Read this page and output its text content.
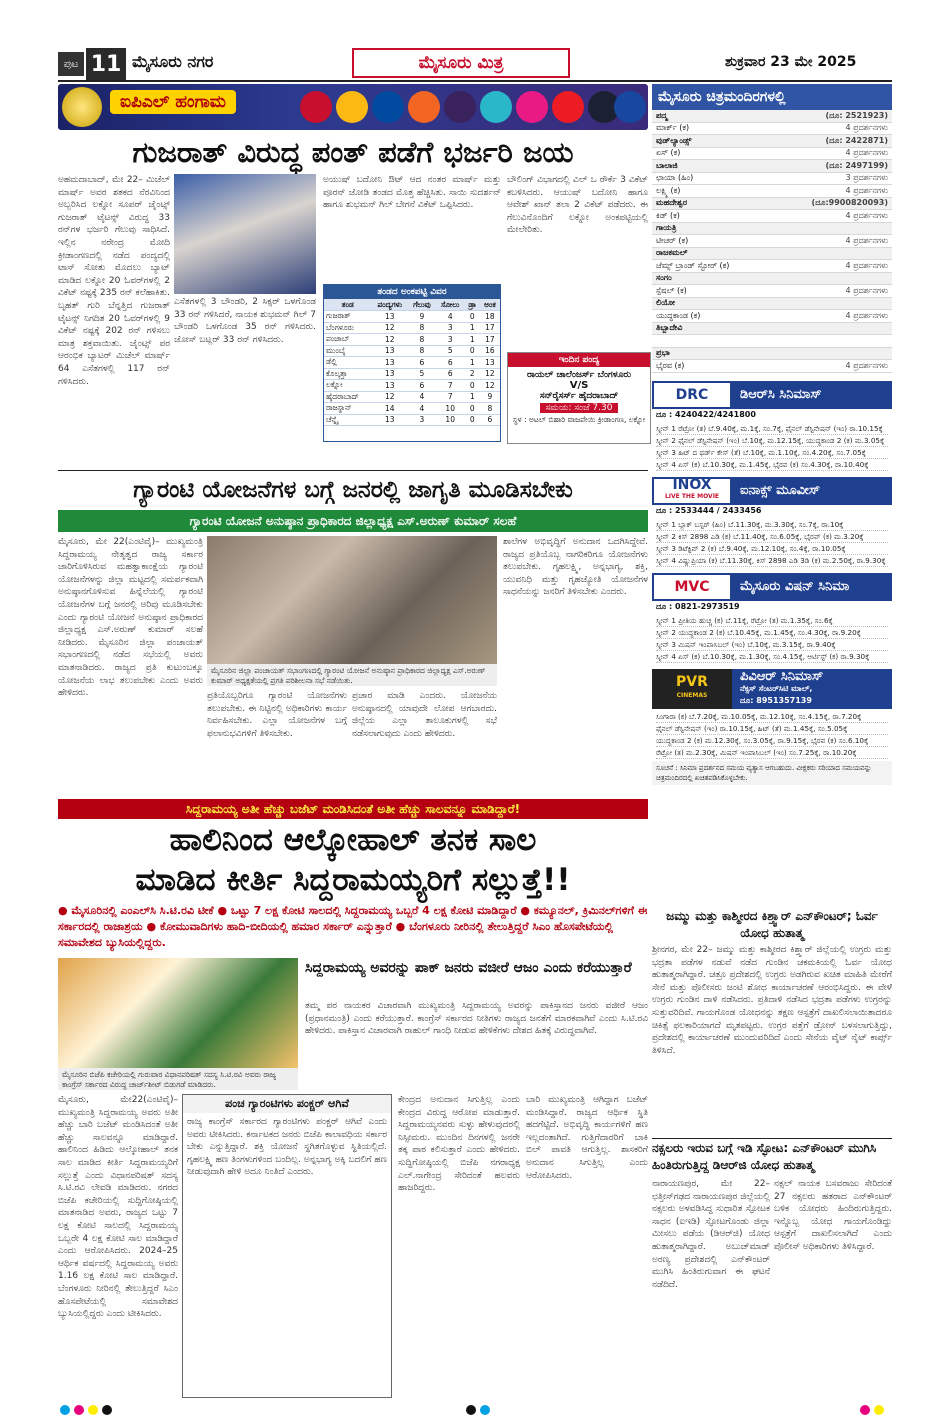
ಪುಟ 11 ಮೈಸೂರು ನಗರ	ಮೈಸೂರು ಮಿತ್ರ	ಶುಕ್ರವಾರ 23 ಮೇ 2025
ಐಪಿಎಲ್ ಹಂಗಾಮ
ಗುಜರಾತ್ ವಿರುದ್ಧ ಪಂತ್ ಪಡೆಗೆ ಭರ್ಜರಿ ಜಯ
ಅಹಮದಾಬಾದ್, ಮೇ 22– ಮಿಚೆಲ್ ಮಾರ್ಷ್ ಅವರ ಶತಕದ ನೆರವಿನಿಂದ ಅಬ್ಬರಿಸಿದ ಲಕ್ನೋ ಸೂಪರ್ ಜೈಂಟ್ಸ್ ಗುಜರಾತ್ ಟೈಟನ್ಸ್ ವಿರುದ್ಧ 33 ರನ್‌ಗಳ ಭರ್ಜರಿ ಗೆಲುವು ಸಾಧಿಸಿದೆ. ಇಲ್ಲಿನ ನರೇಂದ್ರ ಮೋದಿ ಕ್ರೀಡಾಂಗಣದಲ್ಲಿ ನಡೆದ ಪಂದ್ಯದಲ್ಲಿ ಟಾಸ್ ಸೋತು ಮೊದಲು ಬ್ಯಾಟ್ ಮಾಡಿದ ಲಕ್ನೋ 20 ಓವರ್‌ಗಳಲ್ಲಿ 2 ವಿಕೆಟ್ ನಷ್ಟಕ್ಕೆ 235 ರನ್ ಕಲೆಹಾಕಿತು. ಬೃಹತ್ ಗುರಿ ಬೆನ್ನತ್ತಿದ ಗುಜರಾತ್ ಟೈಟನ್ಸ್ ನಿಗದಿತ 20 ಓವರ್‌ಗಳಲ್ಲಿ 9 ವಿಕೆಟ್ ನಷ್ಟಕ್ಕೆ 202 ರನ್ ಗಳಿಸಲು ಮಾತ್ರ ಶಕ್ತವಾಯಿತು. ಜೈಂಟ್ಸ್ ಪರ ಆರಂಭಿಕ ಬ್ಯಾಟರ್ ಮಿಚೆಲ್ ಮಾರ್ಷ್ 64 ಎಸೆತಗಳಲ್ಲಿ 117 ರನ್ ಗಳಿಸಿದರು.
ಎಸೆತಗಳಲ್ಲಿ 3 ಬೌಂಡರಿ, 2 ಸಿಕ್ಸರ್ ಒಳಗೊಂಡ 33 ರನ್ ಗಳಿಸಿದರೆ, ನಾಯಕ ಶುಭಮನ್ ಗಿಲ್ 7 ಬೌಂಡರಿ ಒಳಗೊಂಡ 35 ರನ್ ಗಳಿಸಿದರು. ಜೋಸ್ ಬಟ್ಲರ್ 33 ರನ್ ಗಳಿಸಿದರು.
ಅಯುಷ್ ಬದೋನಿ ಔಟ್ ಆದ ನಂತರ ಮಾರ್ಷ್ ಮತ್ತು ಪೂರನ್ ಜೋಡಿ ತಂಡದ ಮೊತ್ತ ಹೆಚ್ಚಿಸಿತು. ಸಾಯಿ ಸುದರ್ಶನ್ ಹಾಗೂ ಶುಭಮನ್ ಗಿಲ್ ಬೇಗನೆ ವಿಕೆಟ್ ಒಪ್ಪಿಸಿದರು.
ಬೌಲಿಂಗ್ ವಿಭಾಗದಲ್ಲಿ ವಿಲ್ ಒ ರೌರ್ಕೆ 3 ವಿಕೆಟ್ ಕಬಳಿಸಿದರು. ಆಯುಷ್ ಬದೋನಿ ಹಾಗೂ ಆವೇಶ್ ಖಾನ್ ತಲಾ 2 ವಿಕೆಟ್ ಪಡೆದರು. ಈ ಗೆಲುವಿನೊಂದಿಗೆ ಲಕ್ನೋ ಅಂಕಪಟ್ಟಿಯಲ್ಲಿ ಮೇಲೇರಿತು.
ತಂಡದ ಅಂಕಪಟ್ಟಿ ವಿವರ
ತಂಡ	ಪಂದ್ಯಗಳು	ಗೆಲುವು	ಸೋಲು	ಡ್ರಾ	ಅಂಕ
ಗುಜರಾತ್	13	9	4	0	18
ಬೆಂಗಳೂರು	12	8	3	1	17
ಪಂಜಾಬ್	12	8	3	1	17
ಮುಂಬೈ	13	8	5	0	16
ಡೆಲ್ಲಿ	13	6	6	1	13
ಕೊಲ್ಕತ್ತಾ	13	5	6	2	12
ಲಕ್ನೋ	13	6	7	0	12
ಹೈದರಾಬಾದ್	12	4	7	1	9
ರಾಜಸ್ಥಾನ್	14	4	10	0	8
ಚೆನ್ನೈ	13	3	10	0	6
ಇಂದಿನ ಪಂದ್ಯ
ರಾಯಲ್ ಚಾಲೆಂಜರ್ಸ್ ಬೆಂಗಳೂರು
V/S
ಸನ್‌ರೈಸರ್ಸ್ ಹೈದರಾಬಾದ್
ಸಮಯ: ಸಂಜೆ 7.30
ಸ್ಥಳ : ಅಟಲ್ ಬಿಹಾರಿ ವಾಜಪೇಯಿ ಕ್ರೀಡಾಂಗಣ, ಲಕ್ನೋ
ಗ್ಯಾರಂಟಿ ಯೋಜನೆಗಳ ಬಗ್ಗೆ ಜನರಲ್ಲಿ ಜಾಗೃತಿ ಮೂಡಿಸಬೇಕು
ಗ್ಯಾರಂಟಿ ಯೋಜನೆ ಅನುಷ್ಠಾನ ಪ್ರಾಧಿಕಾರದ ಜಿಲ್ಲಾಧ್ಯಕ್ಷ ಎಸ್.ಅರುಣ್ ಕುಮಾರ್ ಸಲಹೆ
ಮೈಸೂರು, ಮೇ 22(ಎಂಟಿವೈ)– ಮುಖ್ಯಮಂತ್ರಿ ಸಿದ್ದರಾಮಯ್ಯ ನೇತೃತ್ವದ ರಾಜ್ಯ ಸರ್ಕಾರ ಜಾರಿಗೊಳಿಸಿರುವ ಮಹತ್ವಾಕಾಂಕ್ಷೆಯ ಗ್ಯಾರಂಟಿ ಯೋಜನೆಗಳನ್ನು ಜಿಲ್ಲಾ ಮಟ್ಟದಲ್ಲಿ ಸಮರ್ಪಕವಾಗಿ ಅನುಷ್ಠಾನಗೊಳಿಸುವ ಹಿನ್ನೆಲೆಯಲ್ಲಿ ಗ್ಯಾರಂಟಿ ಯೋಜನೆಗಳ ಬಗ್ಗೆ ಜನರಲ್ಲಿ ಅರಿವು ಮೂಡಿಸಬೇಕು ಎಂದು ಗ್ಯಾರಂಟಿ ಯೋಜನೆ ಅನುಷ್ಠಾನ ಪ್ರಾಧಿಕಾರದ ಜಿಲ್ಲಾಧ್ಯಕ್ಷ ಎಸ್.ಅರುಣ್ ಕುಮಾರ್ ಸಲಹೆ ನೀಡಿದರು. ಮೈಸೂರಿನ ಜಿಲ್ಲಾ ಪಂಚಾಯತ್ ಸಭಾಂಗಣದಲ್ಲಿ ನಡೆದ ಸಭೆಯಲ್ಲಿ ಅವರು ಮಾತನಾಡಿದರು. ರಾಜ್ಯದ ಪ್ರತಿ ಕುಟುಂಬಕ್ಕೂ ಯೋಜನೆಯ ಲಾಭ ತಲುಪಬೇಕು ಎಂದು ಅವರು ಹೇಳಿದರು.
ಮೈಸೂರಿನ ಜಿಲ್ಲಾ ಪಂಚಾಯತ್ ಸಭಾಂಗಣದಲ್ಲಿ ಗ್ಯಾರಂಟಿ ಯೋಜನೆ ಅನುಷ್ಠಾನ ಪ್ರಾಧಿಕಾರದ ಜಿಲ್ಲಾಧ್ಯಕ್ಷ ಎಸ್.ಅರುಣ್ ಕುಮಾರ್ ಅಧ್ಯಕ್ಷತೆಯಲ್ಲಿ ಪ್ರಗತಿ ಪರಿಶೀಲನಾ ಸಭೆ ನಡೆಯಿತು.
ಶಾಲೆಗಳ ಅಭಿವೃದ್ಧಿಗೆ ಅನುದಾನ ಒದಗಿಸಿದ್ದೇವೆ. ರಾಜ್ಯದ ಪ್ರತಿಯೊಬ್ಬ ನಾಗರಿಕರಿಗೂ ಯೋಜನೆಗಳು ತಲುಪಬೇಕು. ಗೃಹಲಕ್ಷ್ಮಿ, ಅನ್ನಭಾಗ್ಯ, ಶಕ್ತಿ, ಯುವನಿಧಿ ಮತ್ತು ಗೃಹಜ್ಯೋತಿ ಯೋಜನೆಗಳ ಸಾಧನೆಯನ್ನು ಜನರಿಗೆ ತಿಳಿಸಬೇಕು ಎಂದರು.
ಪ್ರತಿಯೊಬ್ಬರಿಗೂ ಗ್ಯಾರಂಟಿ ಯೋಜನೆಗಳು ತಲುಪಬೇಕು. ಈ ನಿಟ್ಟಿನಲ್ಲಿ ಅಧಿಕಾರಿಗಳು ಕಾರ್ಯ ನಿರ್ವಹಿಸಬೇಕು. ಎಲ್ಲಾ ಯೋಜನೆಗಳ ಬಗ್ಗೆ ಫಲಾನುಭವಿಗಳಿಗೆ ತಿಳಿಸಬೇಕು.
ಪ್ರಚಾರ ಮಾಡಿ ಎಂದರು. ಯೋಜನೆಯ ಅನುಷ್ಠಾನದಲ್ಲಿ ಯಾವುದೇ ಲೋಪ ಆಗಬಾರದು. ಜಿಲ್ಲೆಯ ಎಲ್ಲಾ ತಾಲೂಕುಗಳಲ್ಲಿ ಸಭೆ ನಡೆಸಲಾಗುವುದು ಎಂದು ಹೇಳಿದರು.
ಸಿದ್ದರಾಮಯ್ಯ ಅತೀ ಹೆಚ್ಚು ಬಜೆಟ್ ಮಂಡಿಸಿದಂತೆ ಅತೀ ಹೆಚ್ಚು ಸಾಲವನ್ನೂ ಮಾಡಿದ್ದಾರೆ!
ಹಾಲಿನಿಂದ ಆಲ್ಕೋಹಾಲ್ ತನಕ ಸಾಲ
ಮಾಡಿದ ಕೀರ್ತಿ ಸಿದ್ದರಾಮಯ್ಯರಿಗೆ ಸಲ್ಲುತ್ತೆ!!
● ಮೈಸೂರಿನಲ್ಲಿ ಎಂಎಲ್‌ಸಿ ಸಿ.ಟಿ.ರವಿ ಟೀಕೆ ● ಒಟ್ಟು 7 ಲಕ್ಷ ಕೋಟಿ ಸಾಲದಲ್ಲಿ ಸಿದ್ದರಾಮಯ್ಯ ಒಬ್ಬರೆ 4 ಲಕ್ಷ ಕೋಟಿ ಮಾಡಿದ್ದಾರೆ ● ಕಮ್ಯೂನಲ್, ಕ್ರಿಮಿನಲ್‌ಗಳಿಗೆ ಈ ಸರ್ಕಾರದಲ್ಲಿ ರಾಜಾಶ್ರಯ ● ಕೋಮುವಾದಿಗಳು ಹಾದಿ-ಬೀದಿಯಲ್ಲಿ ಹಮಾರ ಸರ್ಕಾರ್ ಎನ್ನುತ್ತಾರೆ ● ಬೆಂಗಳೂರು ನೀರಿನಲ್ಲಿ ತೇಲುತ್ತಿದ್ದರೆ ಸಿಎಂ ಹೊಸಪೇಟೆಯಲ್ಲಿ ಸಮಾವೇಶದ ಬ್ಯುಸಿಯಲ್ಲಿದ್ದರು.
ಮೈಸೂರಿನ ಬಿಜೆಪಿ ಕಚೇರಿಯಲ್ಲಿ ಗುರುವಾರ ವಿಧಾನಪರಿಷತ್ ಸದಸ್ಯ ಸಿ.ಟಿ.ರವಿ ಅವರು ರಾಜ್ಯ ಕಾಂಗ್ರೆಸ್ ಸರ್ಕಾರದ ವಿರುದ್ಧ ಚಾರ್ಜ್‌ಶೀಟ್ ಬಿಡುಗಡೆ ಮಾಡಿದರು.
ಸಿದ್ದರಾಮಯ್ಯ ಅವರನ್ನು ಪಾಕ್ ಜನರು ವಜೀರೆ ಆಜಂ ಎಂದು ಕರೆಯುತ್ತಾರೆ
ತಮ್ಮ ಪರ ನಾಯಕರ ವಿಚಾರವಾಗಿ ಮುಖ್ಯಮಂತ್ರಿ ಸಿದ್ದರಾಮಯ್ಯ ಅವರನ್ನು ಪಾಕಿಸ್ತಾನದ ಜನರು ವಜೀರೆ ಆಜಂ (ಪ್ರಧಾನಮಂತ್ರಿ) ಎಂದು ಕರೆಯುತ್ತಾರೆ. ಕಾಂಗ್ರೆಸ್ ಸರ್ಕಾರದ ನೀತಿಗಳು ರಾಜ್ಯದ ಜನತೆಗೆ ಮಾರಕವಾಗಿವೆ ಎಂದು ಸಿ.ಟಿ.ರವಿ ಹೇಳಿದರು. ಪಾಕಿಸ್ತಾನ ವಿಚಾರವಾಗಿ ರಾಹುಲ್ ಗಾಂಧಿ ನೀಡುವ ಹೇಳಿಕೆಗಳು ದೇಶದ ಹಿತಕ್ಕೆ ವಿರುದ್ಧವಾಗಿವೆ.
ಮೈಸೂರು, ಮೇ22(ಎಂಟಿವೈ)– ಮುಖ್ಯಮಂತ್ರಿ ಸಿದ್ದರಾಮಯ್ಯ ಅವರು ಅತೀ ಹೆಚ್ಚು ಬಾರಿ ಬಜೆಟ್ ಮಂಡಿಸಿದಂತೆ ಅತೀ ಹೆಚ್ಚು ಸಾಲವನ್ನೂ ಮಾಡಿದ್ದಾರೆ. ಹಾಲಿನಿಂದ ಹಿಡಿದು ಆಲ್ಕೋಹಾಲ್ ತನಕ ಸಾಲ ಮಾಡಿದ ಕೀರ್ತಿ ಸಿದ್ದರಾಮಯ್ಯರಿಗೆ ಸಲ್ಲುತ್ತೆ ಎಂದು ವಿಧಾನಪರಿಷತ್ ಸದಸ್ಯ ಸಿ.ಟಿ.ರವಿ ಲೇವಡಿ ಮಾಡಿದರು. ನಗರದ ಬಿಜೆಪಿ ಕಚೇರಿಯಲ್ಲಿ ಸುದ್ದಿಗೋಷ್ಠಿಯಲ್ಲಿ ಮಾತನಾಡಿದ ಅವರು, ರಾಜ್ಯದ ಒಟ್ಟು 7 ಲಕ್ಷ ಕೋಟಿ ಸಾಲದಲ್ಲಿ ಸಿದ್ದರಾಮಯ್ಯ ಒಬ್ಬರೇ 4 ಲಕ್ಷ ಕೋಟಿ ಸಾಲ ಮಾಡಿದ್ದಾರೆ ಎಂದು ಆರೋಪಿಸಿದರು. 2024–25 ಆರ್ಥಿಕ ವರ್ಷದಲ್ಲಿ ಸಿದ್ದರಾಮಯ್ಯ ಅವರು 1.16 ಲಕ್ಷ ಕೋಟಿ ಸಾಲ ಮಾಡಿದ್ದಾರೆ. ಬೆಂಗಳೂರು ನೀರಿನಲ್ಲಿ ತೇಲುತ್ತಿದ್ದರೆ ಸಿಎಂ ಹೊಸಪೇಟೆಯಲ್ಲಿ ಸಮಾವೇಶದ ಬ್ಯುಸಿಯಲ್ಲಿದ್ದರು ಎಂದು ಟೀಕಿಸಿದರು.
ಪಂಚ ಗ್ಯಾರಂಟಿಗಳು ಪಂಕ್ಚರ್ ಆಗಿವೆ
ರಾಜ್ಯ ಕಾಂಗ್ರೆಸ್ ಸರ್ಕಾರದ ಗ್ಯಾರಂಟಿಗಳು ಪಂಕ್ಚರ್ ಆಗಿವೆ ಎಂದು ಅವರು ಟೀಕಿಸಿದರು. ಕರ್ನಾಟಕದ ಜನರು ಬಿಜೆಪಿ ಕಾಲಾವಧಿಯ ಸರ್ಕಾರ ಬೇಕು ಎನ್ನುತ್ತಿದ್ದಾರೆ. ಶಕ್ತಿ ಯೋಜನೆ ಸ್ಥಗಿತಗೊಳ್ಳುವ ಸ್ಥಿತಿಯಲ್ಲಿದೆ. ಗೃಹಲಕ್ಷ್ಮಿ ಹಣ ತಿಂಗಳುಗಳಿಂದ ಬಂದಿಲ್ಲ. ಅನ್ನಭಾಗ್ಯ ಅಕ್ಕಿ ಬದಲಿಗೆ ಹಣ ನೀಡುವುದಾಗಿ ಹೇಳಿ ಅದೂ ನಿಂತಿದೆ ಎಂದರು.
ಕೇಂದ್ರದ ಅನುದಾನ ಸಿಗುತ್ತಿಲ್ಲ ಎಂದು ಕೇಂದ್ರದ ವಿರುದ್ಧ ಆರೋಪ ಮಾಡುತ್ತಾರೆ. ಸಿದ್ದರಾಮಯ್ಯನವರು ಸುಳ್ಳು ಹೇಳುವುದರಲ್ಲಿ ನಿಸ್ಸೀಮರು. ಮುಂದಿನ ದಿನಗಳಲ್ಲಿ ಜನರೇ ತಕ್ಕ ಪಾಠ ಕಲಿಸುತ್ತಾರೆ ಎಂದು ಹೇಳಿದರು. ಸುದ್ದಿಗೋಷ್ಠಿಯಲ್ಲಿ ಬಿಜೆಪಿ ನಗರಾಧ್ಯಕ್ಷ ಎಲ್.ನಾಗೇಂದ್ರ ಸೇರಿದಂತೆ ಹಲವರು ಹಾಜರಿದ್ದರು.
ಬಾರಿ ಮುಖ್ಯಮಂತ್ರಿ ಆಗಿದ್ದಾಗ ಬಜೆಟ್ ಮಂಡಿಸಿದ್ದಾರೆ. ರಾಜ್ಯದ ಆರ್ಥಿಕ ಸ್ಥಿತಿ ಹದಗೆಟ್ಟಿದೆ. ಅಭಿವೃದ್ಧಿ ಕಾರ್ಯಗಳಿಗೆ ಹಣ ಇಲ್ಲದಂತಾಗಿದೆ. ಗುತ್ತಿಗೆದಾರರಿಗೆ ಬಾಕಿ ಬಿಲ್ ಪಾವತಿ ಆಗುತ್ತಿಲ್ಲ. ಶಾಸಕರಿಗೆ ಅನುದಾನ ಸಿಗುತ್ತಿಲ್ಲ ಎಂದು ಆರೋಪಿಸಿದರು.
ಮೈಸೂರು ಚಿತ್ರಮಂದಿರಗಳಲ್ಲಿ
ಪದ್ಮ	(ದೂ: 2521923)
ಮಾರ್ಕ್ (ಕ)	4 ಪ್ರದರ್ಶನಗಳು
ವುಡ್‌ಲ್ಯಾಂಡ್ಸ್	(ದೂ: 2422871)
ಏಸ್ (ಕ)	4 ಪ್ರದರ್ಶನಗಳು
ಬಾಲಾಜಿ	(ದೂ: 2497199)
ಛಾಯಾ (ಹಿಂ)	3 ಪ್ರದರ್ಶನಗಳು
ಲಕ್ಷ್ಮಿ (ಕ)	4 ಪ್ರದರ್ಶನಗಳು
ಮಹದೇಶ್ವರ	(ದೂ:9900820093)
ಕಿಡ್ (ಕ)	4 ಪ್ರದರ್ಶನಗಳು
ಗಾಯತ್ರಿ
ಟೀಚರ್ (ಕ)	4 ಪ್ರದರ್ಶನಗಳು
ರಾಜಕಮಲ್
ಜೆಮ್ಸ್ ಬ್ರಾಂಡ್ ಸ್ಟೋರ್ (ಕ)	4 ಪ್ರದರ್ಶನಗಳು
ಸಂಗಂ
ಸ್ಪೆಷಲ್ (ಕ)	4 ಪ್ರದರ್ಶನಗಳು
ಲಿಯೋ
ಯುದ್ಧಕಾಂಡ (ಕ)	4 ಪ್ರದರ್ಶನಗಳು
ತಿಬ್ಬಾದೇವಿ
ಪ್ರಭಾ
ಭೈರವ (ಕ)	4 ಪ್ರದರ್ಶನಗಳು
DRC	ಡಿಆರ್‌ಸಿ ಸಿನಿಮಾಸ್
ದೂ : 4240422/4241800
ಸ್ಕ್ರೀನ್ 1 ರೆಟ್ರೋ (ತ) ಬೆ.9.40ಕ್ಕೆ, ಮ.1ಕ್ಕೆ, ಸಂ.7ಕ್ಕೆ, ಫೈನಲ್ ಡೆಸ್ಟಿನೇಷನ್ (ಇಂ) ರಾ.10.15ಕ್ಕೆ
ಸ್ಕ್ರೀನ್ 2 ಫೈನಲ್ ಡೆಸ್ಟಿನೇಷನ್ (ಇಂ) ಬೆ.10ಕ್ಕೆ, ಮ.12.15ಕ್ಕೆ, ಯುದ್ಧಕಾಂಡ 2 (ಕ) ಮ.3.05ಕ್ಕೆ
ಸ್ಕ್ರೀನ್ 3 ಹಿಟ್ ದ ಥರ್ಡ್ ಕೇಸ್ (ತೆ) ಬೆ.10ಕ್ಕೆ, ಮ.1.10ಕ್ಕೆ, ಸಂ.4.20ಕ್ಕೆ, ಸಂ.7.05ಕ್ಕೆ
ಸ್ಕ್ರೀನ್ 4 ಏಸ್ (ಕ) ಬೆ.10.30ಕ್ಕೆ, ಮ.1.45ಕ್ಕೆ, ಭೈರವ (ಕ) ಸಂ.4.30ಕ್ಕೆ, ರಾ.10.40ಕ್ಕೆ
INOX
LIVE THE MOVIE	ಐನಾಕ್ಸ್ ಮೂವೀಸ್
ದೂ : 2533444 / 2433456
ಸ್ಕ್ರೀನ್ 1 ಬ್ಲಾಕ್ ಬಸ್ಟರ್ (ಹಿಂ) ಬೆ.11.30ಕ್ಕೆ, ಮ.3.30ಕ್ಕೆ, ಸಂ.7ಕ್ಕೆ, ರಾ.10ಕ್ಕೆ
ಸ್ಕ್ರೀನ್ 2 ಕಿಸ್ 2898 ಎಡಿ (ಕ) ಬೆ.11.40ಕ್ಕೆ, ಸಂ.6.05ಕ್ಕೆ, ಭೈರವ್ (ಕ) ಮ.3.20ಕ್ಕೆ
ಸ್ಕ್ರೀನ್ 3 ಡಿಟೆಕ್ಟಿವ್ 2 (ಕ) ಬೆ.9.40ಕ್ಕೆ, ಮ.12.10ಕ್ಕೆ, ಸಂ.4ಕ್ಕೆ, ರಾ.10.05ಕ್ಕೆ
ಸ್ಕ್ರೀನ್ 4 ವಿಷ್ಣುಪ್ರಿಯಾ (ಕ) ಬೆ.11.30ಕ್ಕೆ, ಕಿಸ್ 2898 ಎಡಿ 3ಡಿ (ಕ) ಮ.2.50ಕ್ಕೆ, ರಾ.9.30ಕ್ಕೆ
MVC	ಮೈಸೂರು ವಿಷನ್ ಸಿನಿಮಾ
ದೂ : 0821-2973519
ಸ್ಕ್ರೀನ್ 1 ಪ್ರೀತಿಯ ಹುಚ್ಚ (ಕ) ಬೆ.11ಕ್ಕೆ, ರೆಟ್ರೋ (ತ) ಮ.1.35ಕ್ಕೆ, ಸಂ.6ಕ್ಕೆ
ಸ್ಕ್ರೀನ್ 2 ಯುದ್ಧಕಾಂಡ 2 (ಕ) ಬೆ.10.45ಕ್ಕೆ, ಮ.1.45ಕ್ಕೆ, ಸಂ.4.30ಕ್ಕೆ, ರಾ.9.20ಕ್ಕೆ
ಸ್ಕ್ರೀನ್ 3 ಮಿಷನ್ ಇಂಪಾಸಿಬಲ್ (ಇಂ) ಬೆ.10ಕ್ಕೆ, ಮ.3.15ಕ್ಕೆ, ರಾ.9.40ಕ್ಕೆ
ಸ್ಕ್ರೀನ್ 4 ಏಸ್ (ಕ) ಬೆ.10.30ಕ್ಕೆ, ಮ.1.30ಕ್ಕೆ, ಸಂ.4.15ಕ್ಕೆ, ಆರ್ಟಿಸ್ಟ್ (ಕ) ರಾ.9.30ಕ್ಕೆ
PVR
CINEMAS
ಪಿವಿಆರ್ ಸಿನಿಮಾಸ್
ನೆಕ್ಸಸ್ ಸೆಂಟರ್‌ಸಿಟಿ ಮಾಲ್,
ದೂ: 8951357139
ಸಿಂಗಾರಾ (ಕ) ಬೆ.7.20ಕ್ಕೆ, ಮ.10.05ಕ್ಕೆ, ಮ.12.10ಕ್ಕೆ, ಸಂ.4.15ಕ್ಕೆ, ರಾ.7.20ಕ್ಕೆ
ಫೈನಲ್ ಡೆಸ್ಟಿನೇಷನ್ (ಇಂ) ರಾ.10.15ಕ್ಕೆ, ಹಿಟ್ (ತೆ) ಮ.1.45ಕ್ಕೆ, ಸಂ.5.05ಕ್ಕೆ
ಯುದ್ಧಕಾಂಡ 2 (ಕ) ಮ.12.30ಕ್ಕೆ, ಸಂ.3.05ಕ್ಕೆ, ರಾ.9.15ಕ್ಕೆ, ಭೈರವ (ಕ) ಸಂ.6.10ಕ್ಕೆ
ರೆಟ್ರೋ (ತ) ಮ.2.30ಕ್ಕೆ, ಮಿಷನ್ ಇಂಪಾಸಿಬಲ್ (ಇಂ) ಸಂ.7.25ಕ್ಕೆ, ರಾ.10.20ಕ್ಕೆ
ಸೂಚನೆ : ಸಿನಿಮಾ ಪ್ರದರ್ಶನದ ಸಮಯ ವ್ಯತ್ಯಾಸ ಆಗಬಹುದು. ವೀಕ್ಷಕರು ಸರಿಯಾದ ಸಮಯವನ್ನು ಚಿತ್ರಮಂದಿರದಲ್ಲಿ ಖಚಿತಪಡಿಸಿಕೊಳ್ಳಬೇಕು.
ಜಮ್ಮು ಮತ್ತು ಕಾಶ್ಮೀರದ ಕಿಶ್ತ್ವಾರ್ ಎನ್‌ಕೌಂಟರ್; ಓರ್ವ ಯೋಧ ಹುತಾತ್ಮ
ಶ್ರೀನಗರ, ಮೇ 22– ಜಮ್ಮು ಮತ್ತು ಕಾಶ್ಮೀರದ ಕಿಶ್ತ್ವಾರ್ ಜಿಲ್ಲೆಯಲ್ಲಿ ಉಗ್ರರು ಮತ್ತು ಭದ್ರತಾ ಪಡೆಗಳ ನಡುವೆ ನಡೆದ ಗುಂಡಿನ ಚಕಮಕಿಯಲ್ಲಿ ಓರ್ವ ಯೋಧ ಹುತಾತ್ಮರಾಗಿದ್ದಾರೆ. ಚತ್ರೂ ಪ್ರದೇಶದಲ್ಲಿ ಉಗ್ರರು ಅಡಗಿರುವ ಖಚಿತ ಮಾಹಿತಿ ಮೇರೆಗೆ ಸೇನೆ ಮತ್ತು ಪೊಲೀಸರು ಜಂಟಿ ಶೋಧ ಕಾರ್ಯಾಚರಣೆ ಆರಂಭಿಸಿದ್ದರು. ಈ ವೇಳೆ ಉಗ್ರರು ಗುಂಡಿನ ದಾಳಿ ನಡೆಸಿದರು. ಪ್ರತಿದಾಳಿ ನಡೆಸಿದ ಭದ್ರತಾ ಪಡೆಗಳು ಉಗ್ರರನ್ನು ಸುತ್ತುವರಿದಿವೆ. ಗಾಯಗೊಂಡ ಯೋಧನನ್ನು ತಕ್ಷಣ ಆಸ್ಪತ್ರೆಗೆ ದಾಖಲಿಸಲಾಯಿತಾದರೂ ಚಿಕಿತ್ಸೆ ಫಲಕಾರಿಯಾಗದೆ ಮೃತಪಟ್ಟರು. ಉಗ್ರರ ಪತ್ತೆಗೆ ಡ್ರೋನ್ ಬಳಸಲಾಗುತ್ತಿದ್ದು, ಪ್ರದೇಶದಲ್ಲಿ ಕಾರ್ಯಾಚರಣೆ ಮುಂದುವರಿದಿದೆ ಎಂದು ಸೇನೆಯ ವೈಟ್ ನೈಟ್ ಕಾರ್ಪ್ಸ್ ತಿಳಿಸಿದೆ.
ನಕ್ಸಲರು ಇರುವ ಬಗ್ಗೆ ಇಡಿ ಸ್ಫೋಟ: ಎನ್‌ಕೌಂಟರ್ ಮುಗಿಸಿ ಹಿಂತಿರುಗುತ್ತಿದ್ದ ಡಿಆರ್‌ಜಿ ಯೋಧ ಹುತಾತ್ಮ
ನಾರಾಯಣಪುರ, ಮೇ 22– ಛತ್ತೀಸ್‌ಗಢದ ನಾರಾಯಣಪುರ ಜಿಲ್ಲೆಯಲ್ಲಿ ನಕ್ಸಲರು ಅಳವಡಿಸಿದ್ದ ಸುಧಾರಿತ ಸ್ಫೋಟಕ ಸಾಧನ (ಐಇಡಿ) ಸ್ಫೋಟಗೊಂಡು ಜಿಲ್ಲಾ ಮೀಸಲು ಪಡೆಯ (ಡಿಆರ್‌ಜಿ) ಯೋಧ ಹುತಾತ್ಮರಾಗಿದ್ದಾರೆ. ಅಬುಜ್‌ಮಾಡ್ ಅರಣ್ಯ ಪ್ರದೇಶದಲ್ಲಿ ಎನ್‌ಕೌಂಟರ್ ಮುಗಿಸಿ ಹಿಂತಿರುಗುವಾಗ ಈ ಘಟನೆ ನಡೆದಿದೆ.
ನಕ್ಸಲ್ ನಾಯಕ ಬಸವರಾಜು ಸೇರಿದಂತೆ 27 ನಕ್ಸಲರು ಹತರಾದ ಎನ್‌ಕೌಂಟರ್ ಬಳಿಕ ಯೋಧರು ಹಿಂದಿರುಗುತ್ತಿದ್ದರು. ಇನ್ನೊಬ್ಬ ಯೋಧ ಗಾಯಗೊಂಡಿದ್ದು ಆಸ್ಪತ್ರೆಗೆ ದಾಖಲಿಸಲಾಗಿದೆ ಎಂದು ಪೊಲೀಸ್ ಅಧಿಕಾರಿಗಳು ತಿಳಿಸಿದ್ದಾರೆ.
